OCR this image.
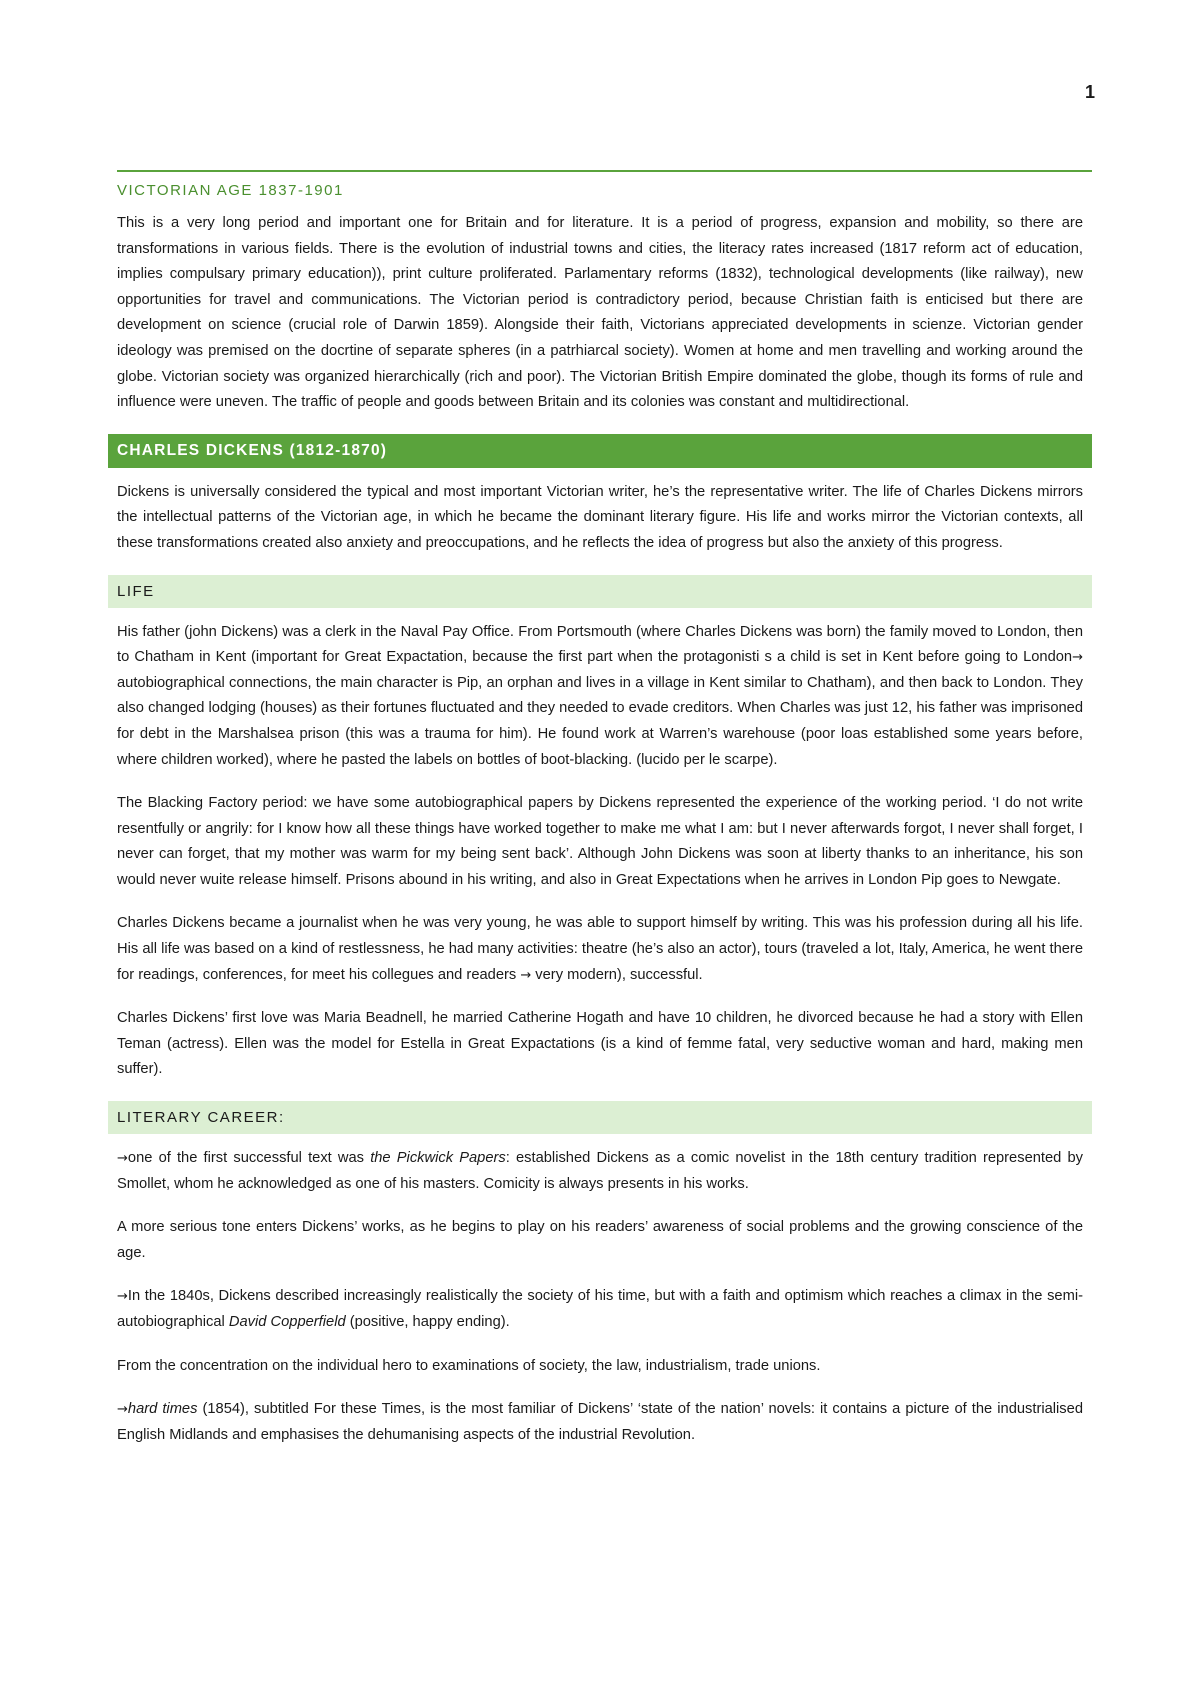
1
VICTORIAN AGE 1837-1901

This is a very long period and important one for Britain and for literature. It is a period of progress, expansion and mobility, so there are transformations in various fields. There is the evolution of industrial towns and cities, the literacy rates increased (1817 reform act of education, implies compulsary primary education)), print culture proliferated. Parlamentary reforms (1832), technological developments (like railway), new opportunities for travel and communications. The Victorian period is contradictory period, because Christian faith is enticised but there are development on science (crucial role of Darwin 1859). Alongside their faith, Victorians appreciated developments in scienze. Victorian gender ideology was premised on the docrtine of separate spheres (in a patrhiarcal society). Women at home and men travelling and working around the globe. Victorian society was organized hierarchically (rich and poor). The Victorian British Empire dominated the globe, though its forms of rule and influence were uneven. The traffic of people and goods between Britain and its colonies was constant and multidirectional.

CHARLES DICKENS (1812-1870)

Dickens is universally considered the typical and most important Victorian writer, he’s the representative writer. The life of Charles Dickens mirrors the intellectual patterns of the Victorian age, in which he became the dominant literary figure. His life and works mirror the Victorian contexts, all these transformations created also anxiety and preoccupations, and he reflects the idea of progress but also the anxiety of this progress.

LIFE

His father (john Dickens) was a clerk in the Naval Pay Office. From Portsmouth (where Charles Dickens was born) the family moved to London, then to Chatham in Kent (important for Great Expactation, because the first part when the protagonisti s a child is set in Kent before going to London→ autobiographical connections, the main character is Pip, an orphan and lives in a village in Kent similar to Chatham), and then back to London. They also changed lodging (houses) as their fortunes fluctuated and they needed to evade creditors. When Charles was just 12, his father was imprisoned for debt in the Marshalsea prison (this was a trauma for him). He found work at Warren’s warehouse (poor loas established some years before, where children worked), where he pasted the labels on bottles of boot-blacking. (lucido per le scarpe).

The Blacking Factory period: we have some autobiographical papers by Dickens represented the experience of the working period. ‘I do not write resentfully or angrily: for I know how all these things have worked together to make me what I am: but I never afterwards forgot, I never shall forget, I never can forget, that my mother was warm for my being sent back’. Although John Dickens was soon at liberty thanks to an inheritance, his son would never wuite release himself. Prisons abound in his writing, and also in Great Expectations when he arrives in London Pip goes to Newgate.

Charles Dickens became a journalist when he was very young, he was able to support himself by writing. This was his profession during all his life. His all life was based on a kind of restlessness, he had many activities: theatre (he’s also an actor), tours (traveled a lot, Italy, America, he went there for readings, conferences, for meet his collegues and readers → very modern), successful.

Charles Dickens’ first love was Maria Beadnell, he married Catherine Hogath and have 10 children, he divorced because he had a story with Ellen Teman (actress). Ellen was the model for Estella in Great Expactations (is a kind of femme fatal, very seductive woman and hard, making men suffer).

LITERARY CAREER:

→one of the first successful text was the Pickwick Papers: established Dickens as a comic novelist in the 18th century tradition represented by Smollet, whom he acknowledged as one of his masters. Comicity is always presents in his works.

A more serious tone enters Dickens’ works, as he begins to play on his readers’ awareness of social problems and the growing conscience of the age.

→In the 1840s, Dickens described increasingly realistically the society of his time, but with a faith and optimism which reaches a climax in the semi-autobiographical David Copperfield (positive, happy ending).

From the concentration on the individual hero to examinations of society, the law, industrialism, trade unions.

→hard times (1854), subtitled For these Times, is the most familiar of Dickens’ ‘state of the nation’ novels: it contains a picture of the industrialised English Midlands and emphasises the dehumanising aspects of the industrial Revolution.
